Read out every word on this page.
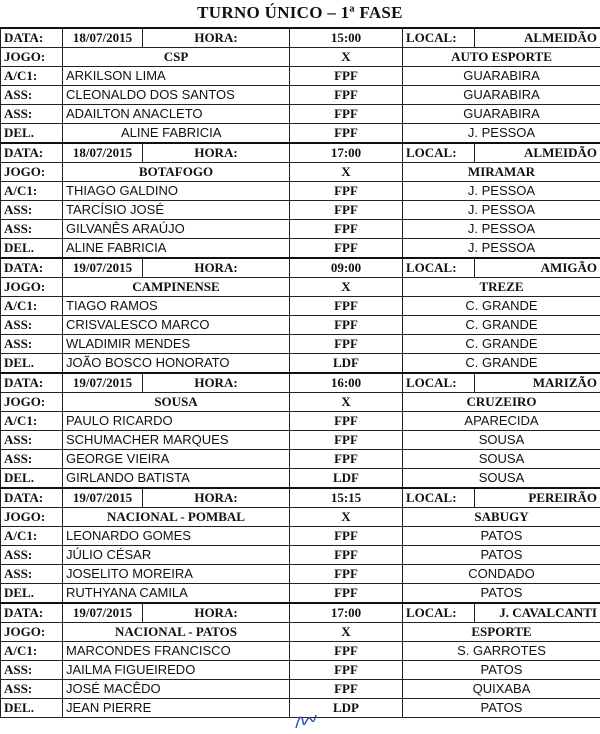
TURNO ÚNICO – 1ª FASE
DATA:	18/07/2015	HORA:	15:00	LOCAL:	ALMEIDÃO
JOGO:	CSP		X	AUTO ESPORTE	
A/C1:	ARKILSON LIMA		FPF	GUARABIRA	
ASS:	CLEONALDO DOS SANTOS		FPF	GUARABIRA	
ASS:	ADAILTON ANACLETO		FPF	GUARABIRA	
DEL.	ALINE FABRICIA		FPF	J. PESSOA	
DATA:	18/07/2015	HORA:	17:00	LOCAL:	ALMEIDÃO
JOGO:	BOTAFOGO		X	MIRAMAR	
A/C1:	THIAGO GALDINO		FPF	J. PESSOA	
ASS:	TARCÍSIO JOSÉ		FPF	J. PESSOA	
ASS:	GILVANÊS ARAÚJO		FPF	J. PESSOA	
DEL.	ALINE FABRICIA		FPF	J. PESSOA	
DATA:	19/07/2015	HORA:	09:00	LOCAL:	AMIGÃO
JOGO:	CAMPINENSE		X	TREZE	
A/C1:	TIAGO RAMOS		FPF	C. GRANDE	
ASS:	CRISVALESCO MARCO		FPF	C. GRANDE	
ASS:	WLADIMIR MENDES		FPF	C. GRANDE	
DEL.	JOÃO BOSCO HONORATO		LDF	C. GRANDE	
DATA:	19/07/2015	HORA:	16:00	LOCAL:	MARIZÃO
JOGO:	SOUSA		X	CRUZEIRO	
A/C1:	PAULO RICARDO		FPF	APARECIDA	
ASS:	SCHUMACHER MARQUES		FPF	SOUSA	
ASS:	GEORGE VIEIRA		FPF	SOUSA	
DEL.	GIRLANDO BATISTA		LDF	SOUSA	
DATA:	19/07/2015	HORA:	15:15	LOCAL:	PEREIRÃO
JOGO:	NACIONAL - POMBAL		X	SABUGY	
A/C1:	LEONARDO GOMES		FPF	PATOS	
ASS:	JÚLIO CÉSAR		FPF	PATOS	
ASS:	JOSELITO MOREIRA		FPF	CONDADO	
DEL.	RUTHYANA CAMILA		FPF	PATOS	
DATA:	19/07/2015	HORA:	17:00	LOCAL:	J. CAVALCANTI
JOGO:	NACIONAL - PATOS		X	ESPORTE	
A/C1:	MARCONDES FRANCISCO		FPF	S. GARROTES	
ASS:	JAILMA FIGUEIREDO		FPF	PATOS	
ASS:	JOSÉ MACÊDO		FPF	QUIXABA	
DEL.	JEAN PIERRE		LDP	PATOS	
